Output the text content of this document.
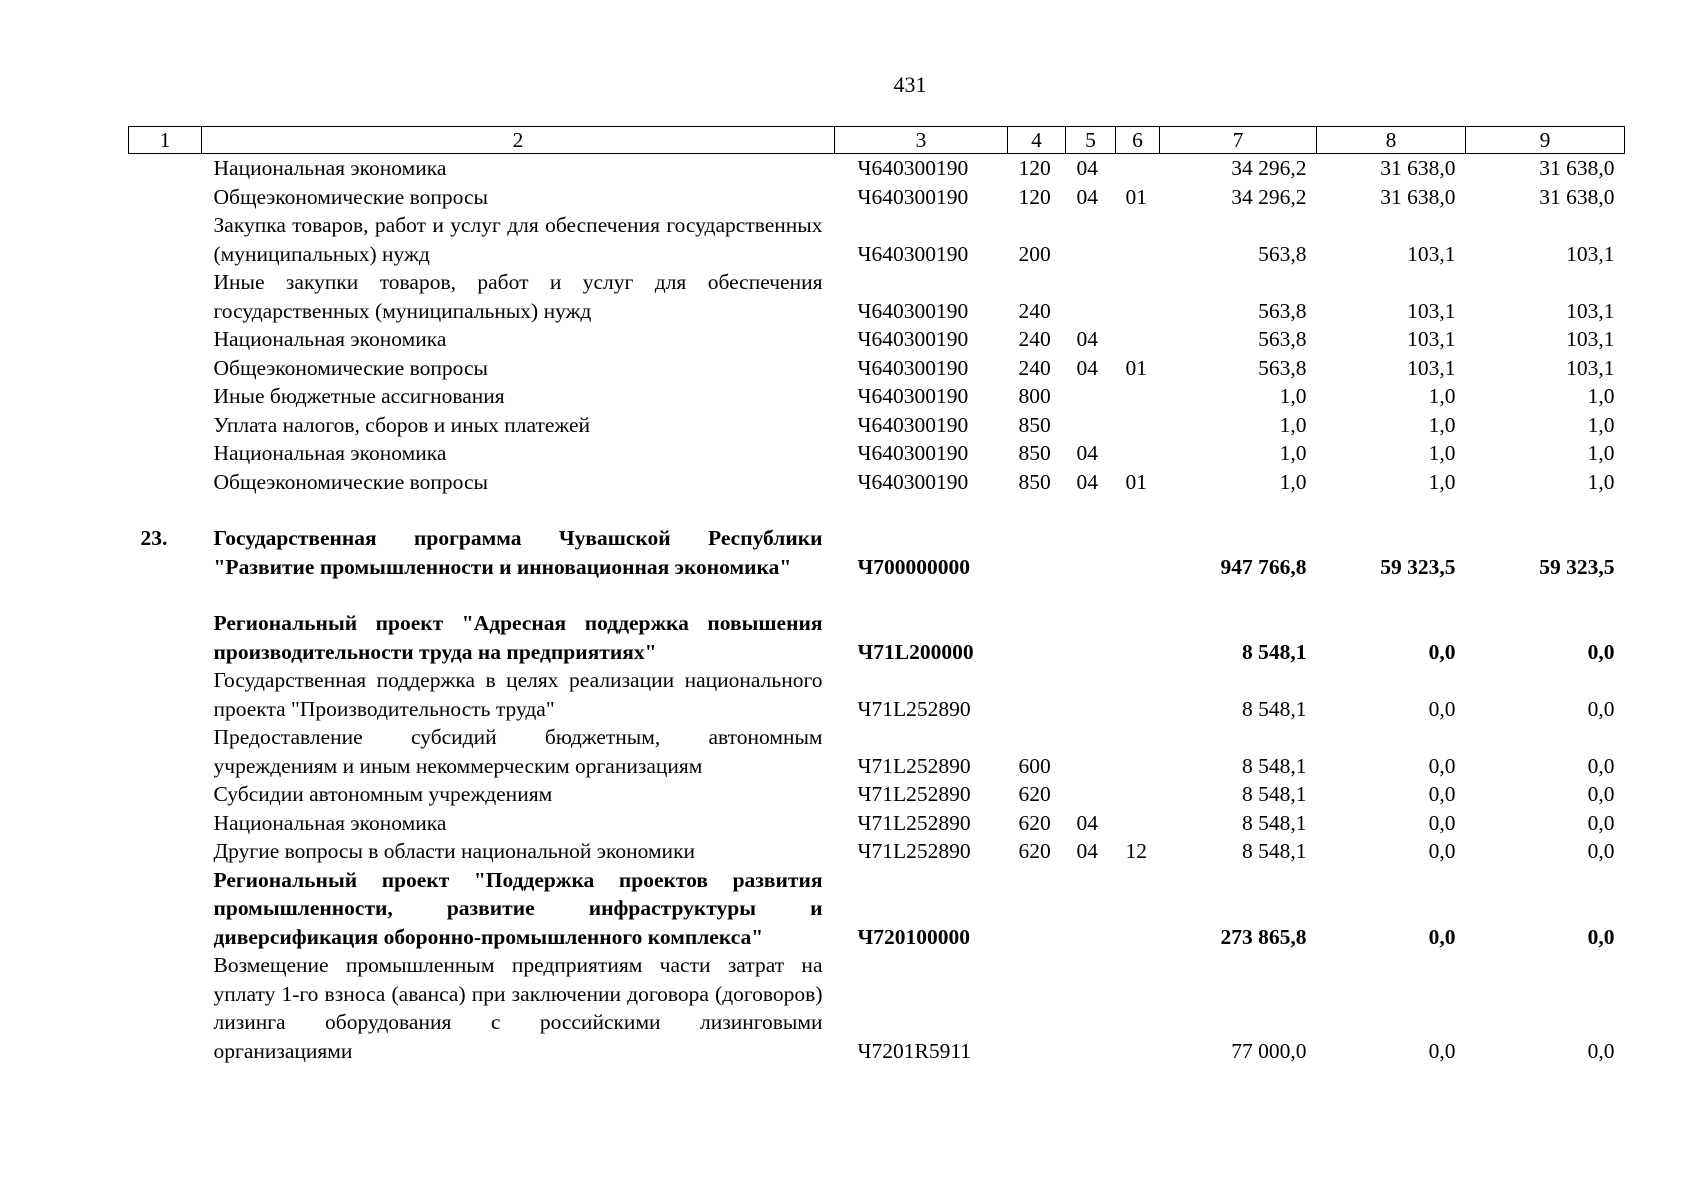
431
1	2	3	4	5	6	7	8	9
	Национальная экономика	Ч640300190	120	04		34 296,2	31 638,0	31 638,0
	Общеэкономические вопросы	Ч640300190	120	04	01	34 296,2	31 638,0	31 638,0
	Закупка товаров, работ и услуг для обеспечения государственных (муниципальных) нужд	Ч640300190	200			563,8	103,1	103,1
	Иные закупки товаров, работ и услуг для обеспечения государственных (муниципальных) нужд	Ч640300190	240			563,8	103,1	103,1
	Национальная экономика	Ч640300190	240	04		563,8	103,1	103,1
	Общеэкономические вопросы	Ч640300190	240	04	01	563,8	103,1	103,1
	Иные бюджетные ассигнования	Ч640300190	800			1,0	1,0	1,0
	Уплата налогов, сборов и иных платежей	Ч640300190	850			1,0	1,0	1,0
	Национальная экономика	Ч640300190	850	04		1,0	1,0	1,0
	Общеэкономические вопросы	Ч640300190	850	04	01	1,0	1,0	1,0
23.	Государственная программа Чувашской Республики "Развитие промышленности и инновационная экономика"	Ч700000000				947 766,8	59 323,5	59 323,5
	Региональный проект "Адресная поддержка повышения производительности труда на предприятиях"	Ч71L200000				8 548,1	0,0	0,0
	Государственная поддержка в целях реализации национального проекта "Производительность труда"	Ч71L252890				8 548,1	0,0	0,0
	Предоставление субсидий бюджетным, автономным учреждениям и иным некоммерческим организациям	Ч71L252890	600			8 548,1	0,0	0,0
	Субсидии автономным учреждениям	Ч71L252890	620			8 548,1	0,0	0,0
	Национальная экономика	Ч71L252890	620	04		8 548,1	0,0	0,0
	Другие вопросы в области национальной экономики	Ч71L252890	620	04	12	8 548,1	0,0	0,0
	Региональный проект "Поддержка проектов развития промышленности, развитие инфраструктуры и диверсификация оборонно-промышленного комплекса"	Ч720100000				273 865,8	0,0	0,0
	Возмещение промышленным предприятиям части затрат на уплату 1-го взноса (аванса) при заключении договора (договоров) лизинга оборудования с российскими лизинговыми организациями	Ч7201R5911				77 000,0	0,0	0,0
